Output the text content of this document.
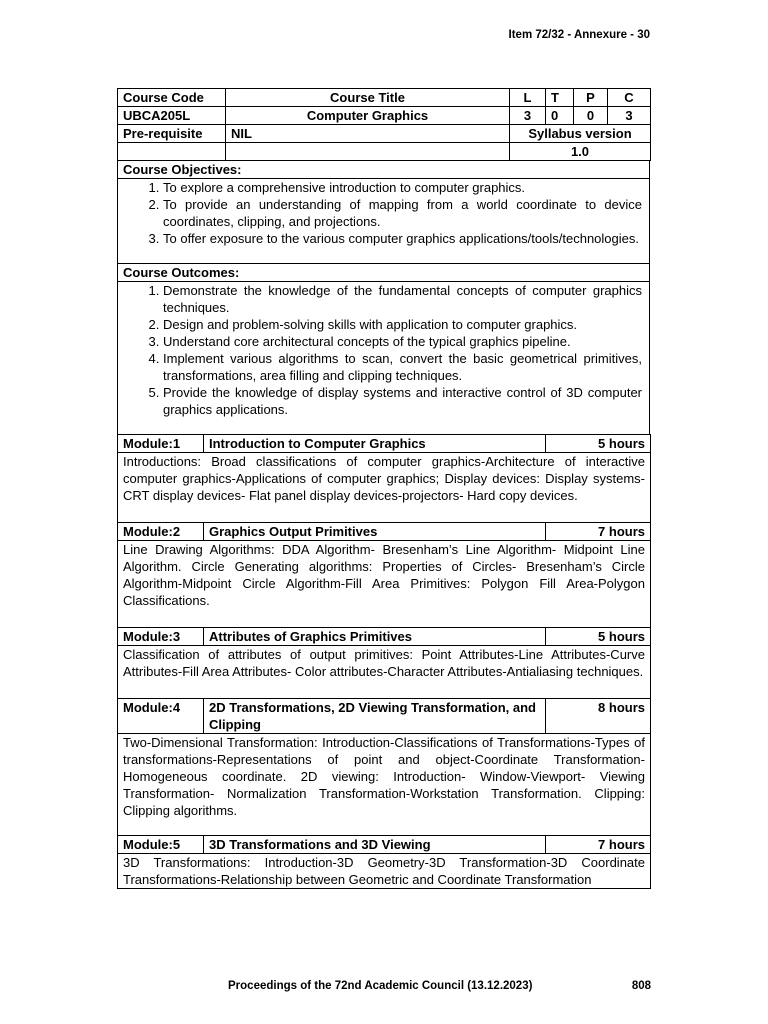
Item 72/32 - Annexure - 30
Course Code	Course Title	L	T	P	C
UBCA205L	Computer Graphics	3	0	0	3
Pre-requisite	NIL	Syllabus version			
		1.0			
Course Objectives:

1. To explore a comprehensive introduction to computer graphics.
2. To provide an understanding of mapping from a world coordinate to device coordinates, clipping, and projections.
3. To offer exposure to the various computer graphics applications/tools/technologies.
Course Outcomes:

1. Demonstrate the knowledge of the fundamental concepts of computer graphics techniques.
2. Design and problem-solving skills with application to computer graphics.
3. Understand core architectural concepts of the typical graphics pipeline.
4. Implement various algorithms to scan, convert the basic geometrical primitives, transformations, area filling and clipping techniques.
5. Provide the knowledge of display systems and interactive control of 3D computer graphics applications.
Module:1	Introduction to Computer Graphics	5 hours
Introductions: Broad classifications of computer graphics-Architecture of interactive computer graphics-Applications of computer graphics; Display devices: Display systems-CRT display devices- Flat panel display devices-projectors- Hard copy devices.
Module:2	Graphics Output Primitives	7 hours
Line Drawing Algorithms: DDA Algorithm- Bresenham’s Line Algorithm- Midpoint Line Algorithm. Circle Generating algorithms: Properties of Circles- Bresenham’s Circle Algorithm-Midpoint Circle Algorithm-Fill Area Primitives: Polygon Fill Area-Polygon Classifications.
Module:3	Attributes of Graphics Primitives	5 hours
Classification of attributes of output primitives: Point Attributes-Line Attributes-Curve Attributes-Fill Area Attributes- Color attributes-Character Attributes-Antialiasing techniques.
Module:4	2D Transformations, 2D Viewing Transformation, and Clipping	8 hours
Two-Dimensional Transformation: Introduction-Classifications of Transformations-Types of transformations-Representations of point and object-Coordinate Transformation-Homogeneous coordinate. 2D viewing: Introduction- Window-Viewport- Viewing Transformation- Normalization Transformation-Workstation Transformation. Clipping: Clipping algorithms.
Module:5	3D Transformations and 3D Viewing	7 hours
3D Transformations: Introduction-3D Geometry-3D Transformation-3D Coordinate Transformations-Relationship between Geometric and Coordinate Transformation
Proceedings of the 72nd Academic Council (13.12.2023)	808
